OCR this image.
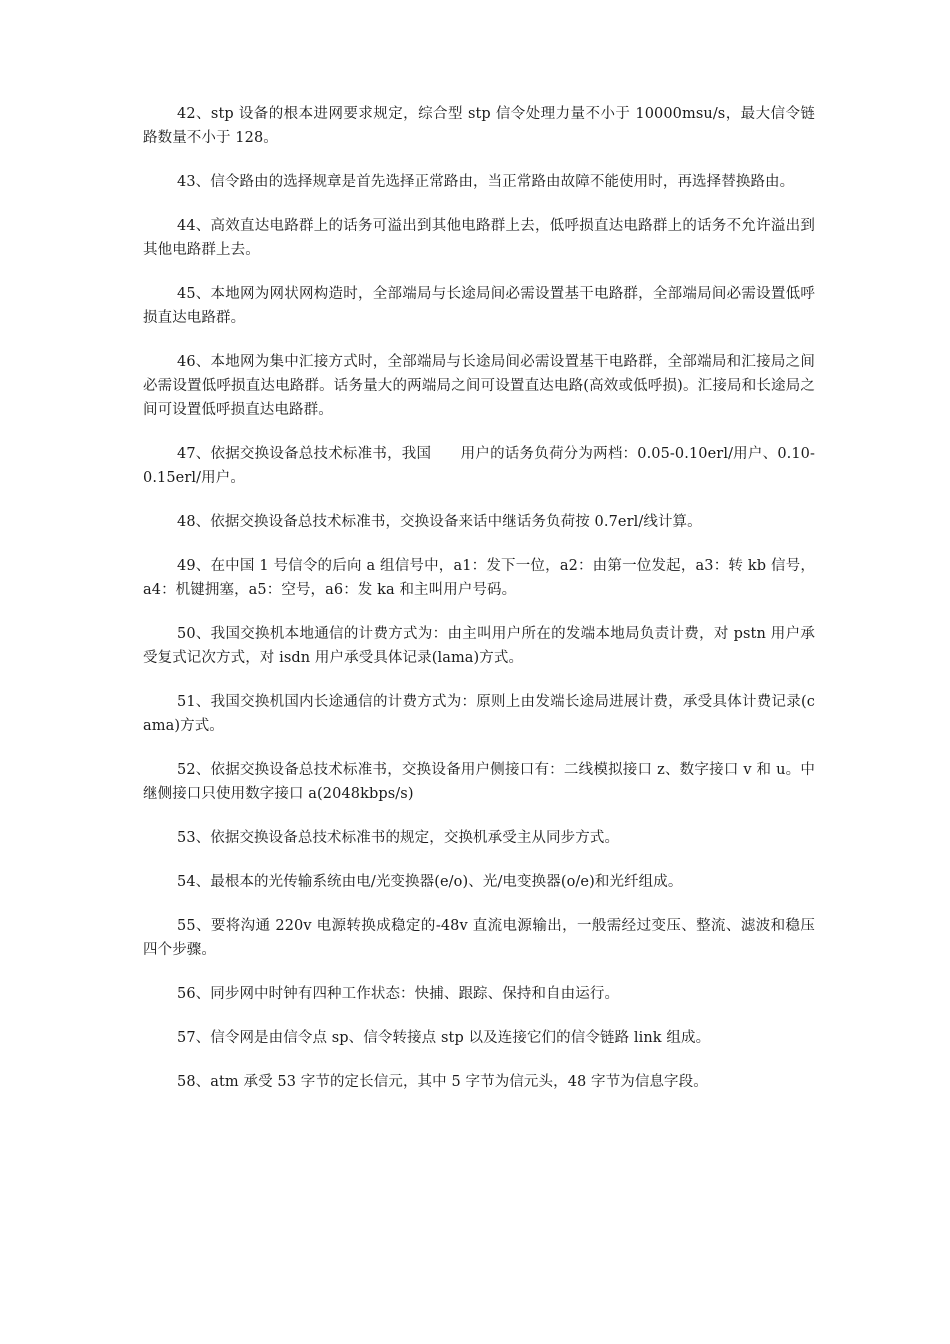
42、stp 设备的根本进网要求规定，综合型 stp 信令处理力量不小于 10000msu/s，最大信令链路数量不小于 128。

43、信令路由的选择规章是首先选择正常路由，当正常路由故障不能使用时，再选择替换路由。

44、高效直达电路群上的话务可溢出到其他电路群上去，低呼损直达电路群上的话务不允许溢出到其他电路群上去。

45、本地网为网状网构造时，全部端局与长途局间必需设置基干电路群，全部端局间必需设置低呼损直达电路群。

46、本地网为集中汇接方式时，全部端局与长途局间必需设置基干电路群，全部端局和汇接局之间必需设置低呼损直达电路群。话务量大的两端局之间可设置直达电路(高效或低呼损)。汇接局和长途局之间可设置低呼损直达电路群。

47、依据交换设备总技术标准书，我国　　用户的话务负荷分为两档：0.05-0.10erl/用户、0.10-0.15erl/用户。

48、依据交换设备总技术标准书，交换设备来话中继话务负荷按 0.7erl/线计算。

49、在中国 1 号信令的后向 a 组信号中，a1：发下一位，a2：由第一位发起，a3：转 kb 信号，a4：机键拥塞，a5：空号，a6：发 ka 和主叫用户号码。

50、我国交换机本地通信的计费方式为：由主叫用户所在的发端本地局负责计费，对 pstn 用户承受复式记次方式，对 isdn 用户承受具体记录(lama)方式。

51、我国交换机国内长途通信的计费方式为：原则上由发端长途局进展计费，承受具体计费记录(cama)方式。

52、依据交换设备总技术标准书，交换设备用户侧接口有：二线模拟接口 z、数字接口 v 和 u。中继侧接口只使用数字接口 a(2048kbps/s)

53、依据交换设备总技术标准书的规定，交换机承受主从同步方式。

54、最根本的光传输系统由电/光变换器(e/o)、光/电变换器(o/e)和光纤组成。

55、要将沟通 220v 电源转换成稳定的-48v 直流电源输出，一般需经过变压、整流、滤波和稳压四个步骤。

56、同步网中时钟有四种工作状态：快捕、跟踪、保持和自由运行。

57、信令网是由信令点 sp、信令转接点 stp 以及连接它们的信令链路 link 组成。

58、atm 承受 53 字节的定长信元，其中 5 字节为信元头，48 字节为信息字段。
